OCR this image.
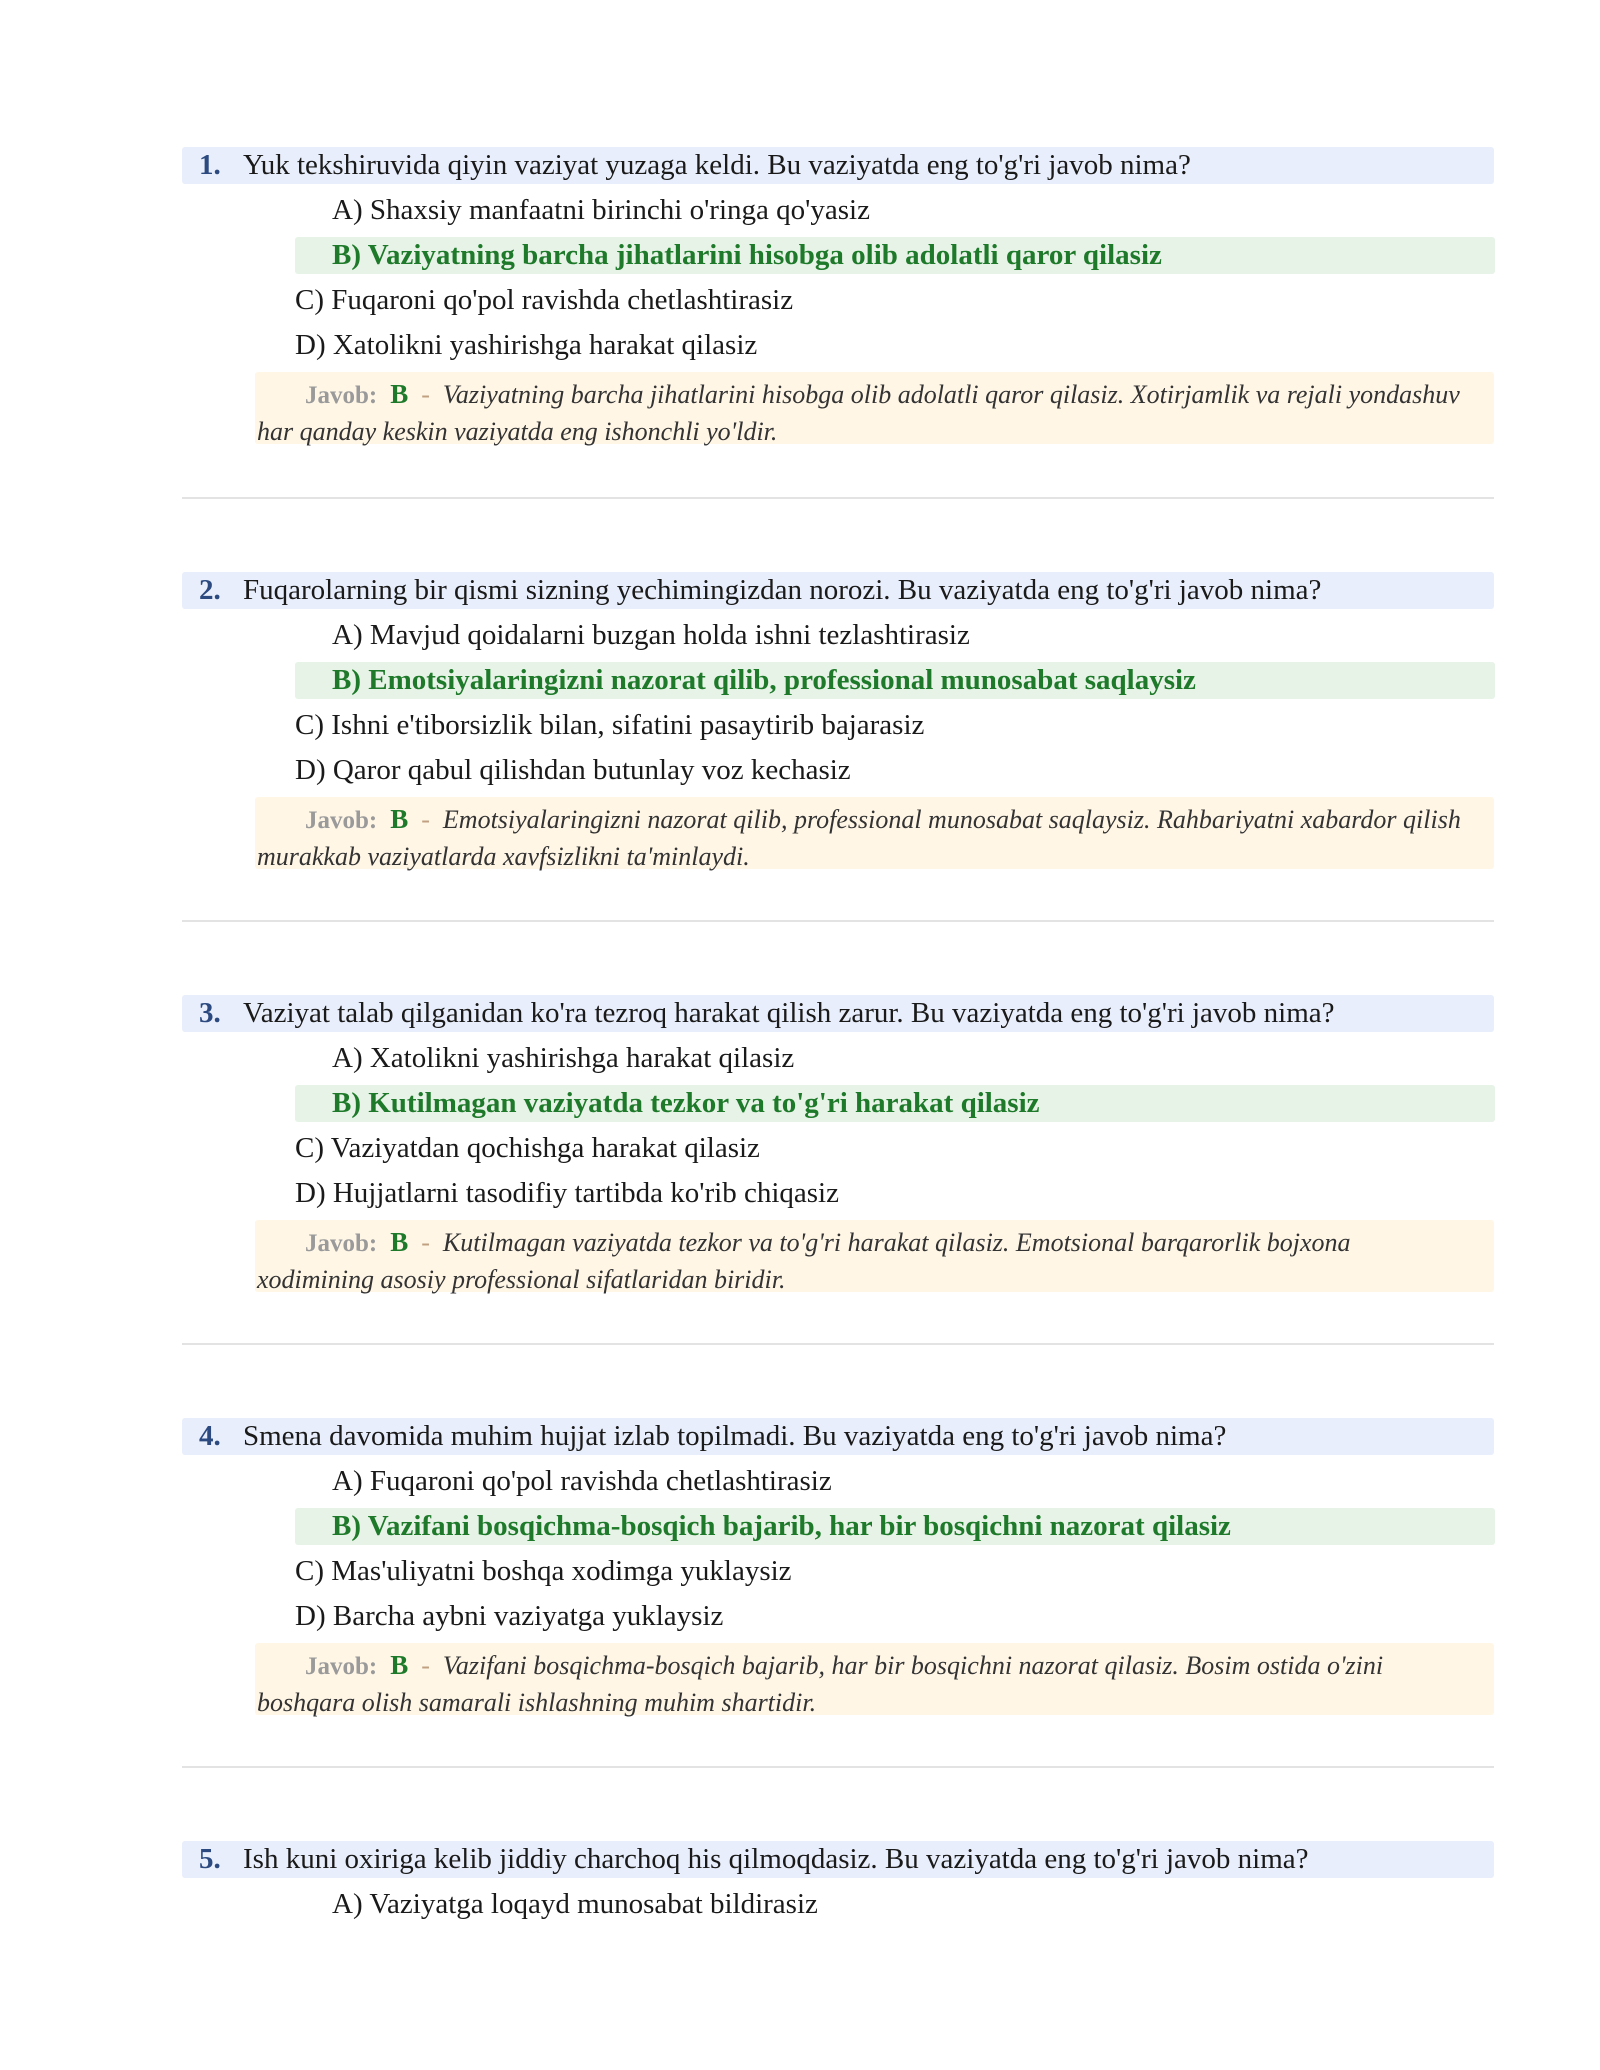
1. Yuk tekshiruvida qiyin vaziyat yuzaga keldi. Bu vaziyatda eng to'g'ri javob nima?
A) Shaxsiy manfaatni birinchi o'ringa qo'yasiz
B) Vaziyatning barcha jihatlarini hisobga olib adolatli qaror qilasiz
C) Fuqaroni qo'pol ravishda chetlashtirasiz
D) Xatolikni yashirishga harakat qilasiz
Javob: B - Vaziyatning barcha jihatlarini hisobga olib adolatli qaror qilasiz. Xotirjamlik va rejali yondashuv har qanday keskin vaziyatda eng ishonchli yo'ldir.
2. Fuqarolarning bir qismi sizning yechimingizdan norozi. Bu vaziyatda eng to'g'ri javob nima?
A) Mavjud qoidalarni buzgan holda ishni tezlashtirasiz
B) Emotsiyalaringizni nazorat qilib, professional munosabat saqlaysiz
C) Ishni e'tiborsizlik bilan, sifatini pasaytirib bajarasiz
D) Qaror qabul qilishdan butunlay voz kechasiz
Javob: B - Emotsiyalaringizni nazorat qilib, professional munosabat saqlaysiz. Rahbariyatni xabardor qilish murakkab vaziyatlarda xavfsizlikni ta'minlaydi.
3. Vaziyat talab qilganidan ko'ra tezroq harakat qilish zarur. Bu vaziyatda eng to'g'ri javob nima?
A) Xatolikni yashirishga harakat qilasiz
B) Kutilmagan vaziyatda tezkor va to'g'ri harakat qilasiz
C) Vaziyatdan qochishga harakat qilasiz
D) Hujjatlarni tasodifiy tartibda ko'rib chiqasiz
Javob: B - Kutilmagan vaziyatda tezkor va to'g'ri harakat qilasiz. Emotsional barqarorlik bojxona xodimining asosiy professional sifatlaridan biridir.
4. Smena davomida muhim hujjat izlab topilmadi. Bu vaziyatda eng to'g'ri javob nima?
A) Fuqaroni qo'pol ravishda chetlashtirasiz
B) Vazifani bosqichma-bosqich bajarib, har bir bosqichni nazorat qilasiz
C) Mas'uliyatni boshqa xodimga yuklaysiz
D) Barcha aybni vaziyatga yuklaysiz
Javob: B - Vazifani bosqichma-bosqich bajarib, har bir bosqichni nazorat qilasiz. Bosim ostida o'zini boshqara olish samarali ishlashning muhim shartidir.
5. Ish kuni oxiriga kelib jiddiy charchoq his qilmoqdasiz. Bu vaziyatda eng to'g'ri javob nima?
A) Vaziyatga loqayd munosabat bildirasiz
